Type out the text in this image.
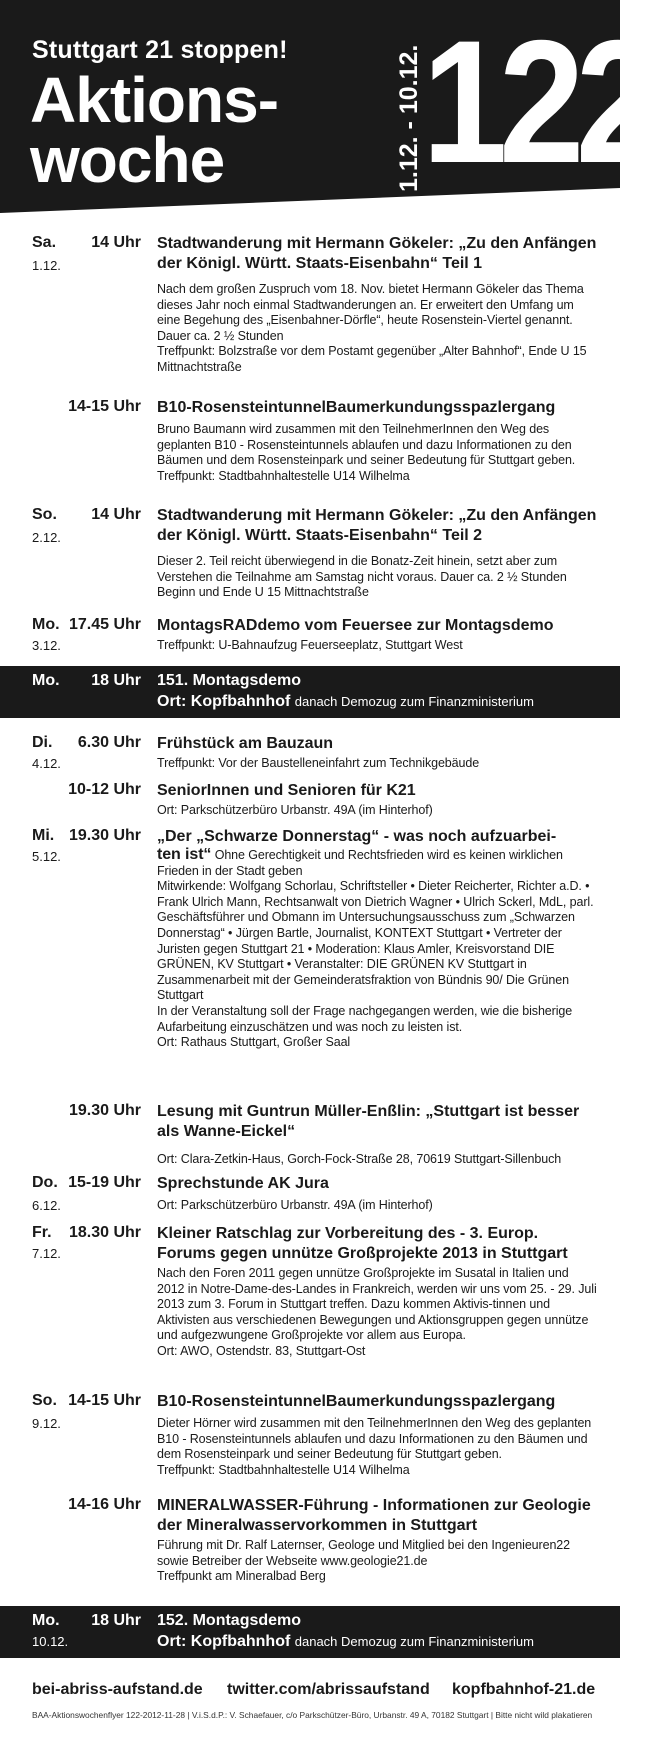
Stuttgart 21 stoppen!
Aktions-
woche	1.12. - 10.12. 122
Sa.
1.12.
14 Uhr Stadtwanderung mit Hermann Gökeler: „Zu den Anfängen der Königl. Württ. Staats-Eisenbahn“ Teil 1
Nach dem großen Zuspruch vom 18. Nov. bietet Hermann Gökeler das Thema dieses Jahr noch einmal Stadtwanderungen an. Er erweitert den Umfang um eine Begehung des „Eisenbahner-Dörfle“, heute Rosenstein-Viertel genannt. Dauer ca. 2 ½ Stunden
Treffpunkt: Bolzstraße vor dem Postamt gegenüber „Alter Bahnhof“, Ende U 15 Mittnachtstraße
14-15 Uhr B10-RosensteintunnelBaumerkundungsspazlergang
Bruno Baumann wird zusammen mit den TeilnehmerInnen den Weg des geplanten B10 - Rosensteintunnels ablaufen und dazu Informationen zu den Bäumen und dem Rosensteinpark und seiner Bedeutung für Stuttgart geben.
Treffpunkt: Stadtbahnhaltestelle U14 Wilhelma
So.
2.12.
14 Uhr Stadtwanderung mit Hermann Gökeler: „Zu den Anfängen der Königl. Württ. Staats-Eisenbahn“ Teil 2
Dieser 2. Teil reicht überwiegend in die Bonatz-Zeit hinein, setzt aber zum Verstehen die Teilnahme am Samstag nicht voraus. Dauer ca. 2 ½ Stunden Beginn und Ende U 15 Mittnachtstraße
Mo.
3.12.
17.45 Uhr MontagsRADdemo vom Feuersee zur Montagsdemo
Treffpunkt: U-Bahnaufzug Feuerseeplatz, Stuttgart West
Mo. 18 Uhr 151. Montagsdemo
Ort: Kopfbahnhof danach Demozug zum Finanzministerium
Di.
4.12.
6.30 Uhr Frühstück am Bauzaun
Treffpunkt: Vor der Baustelleneinfahrt zum Technikgebäude
10-12 Uhr SeniorInnen und Senioren für K21
Ort: Parkschützerbüro Urbanstr. 49A (im Hinterhof)
Mi.
5.12.
19.30 Uhr „Der „Schwarze Donnerstag“ - was noch aufzuarbei-
ten ist“ Ohne Gerechtigkeit und Rechtsfrieden wird es keinen wirklichen Frieden in der Stadt geben
Mitwirkende: Wolfgang Schorlau, Schriftsteller • Dieter Reicherter, Richter a.D. • Frank Ulrich Mann, Rechtsanwalt von Dietrich Wagner • Ulrich Sckerl, MdL, parl. Geschäftsführer und Obmann im Untersuchungsausschuss zum „Schwarzen Donnerstag“ • Jürgen Bartle, Journalist, KONTEXT Stuttgart • Vertreter der Juristen gegen Stuttgart 21 • Moderation: Klaus Amler, Kreisvorstand DIE GRÜNEN, KV Stuttgart • Veranstalter: DIE GRÜNEN KV Stuttgart in Zusammenarbeit mit der Gemeinderatsfraktion von Bündnis 90/ Die Grünen Stuttgart
In der Veranstaltung soll der Frage nachgegangen werden, wie die bisherige Aufarbeitung einzuschätzen und was noch zu leisten ist.
Ort: Rathaus Stuttgart, Großer Saal
19.30 Uhr Lesung mit Guntrun Müller-Enßlin: „Stuttgart ist besser als Wanne-Eickel“
Ort: Clara-Zetkin-Haus, Gorch-Fock-Straße 28, 70619 Stuttgart-Sillenbuch
Do.
6.12.
15-19 Uhr Sprechstunde AK Jura
Ort: Parkschützerbüro Urbanstr. 49A (im Hinterhof)
Fr.
7.12.
18.30 Uhr Kleiner Ratschlag zur Vorbereitung des - 3. Europ. Forums gegen unnütze Großprojekte 2013 in Stuttgart
Nach den Foren 2011 gegen unnütze Großprojekte im Susatal in Italien und 2012 in Notre-Dame-des-Landes in Frankreich, werden wir uns vom 25. - 29. Juli 2013 zum 3. Forum in Stuttgart treffen. Dazu kommen Aktivis-tinnen und Aktivisten aus verschiedenen Bewegungen und Aktionsgruppen gegen unnütze und aufgezwungene Großprojekte vor allem aus Europa.
Ort: AWO, Ostendstr. 83, Stuttgart-Ost
So.
9.12.
14-15 Uhr B10-RosensteintunnelBaumerkundungsspazlergang
Dieter Hörner wird zusammen mit den TeilnehmerInnen den Weg des geplanten B10 - Rosensteintunnels ablaufen und dazu Informationen zu den Bäumen und dem Rosensteinpark und seiner Bedeutung für Stuttgart geben.
Treffpunkt: Stadtbahnhaltestelle U14 Wilhelma
14-16 Uhr MINERALWASSER-Führung - Informationen zur Geologie der Mineralwasservorkommen in Stuttgart
Führung mit Dr. Ralf Laternser, Geologe und Mitglied bei den Ingenieuren22 sowie Betreiber der Webseite www.geologie21.de
Treffpunkt am Mineralbad Berg
Mo.
10.12.
18 Uhr 152. Montagsdemo
Ort: Kopfbahnhof danach Demozug zum Finanzministerium
bei-abriss-aufstand.de twitter.com/abrissaufstand kopfbahnhof-21.de
BAA-Aktionswochenflyer 122-2012-11-28 | V.i.S.d.P.: V. Schaefauer, c/o Parkschützer-Büro, Urbanstr. 49 A, 70182 Stuttgart | Bitte nicht wild plakatieren
